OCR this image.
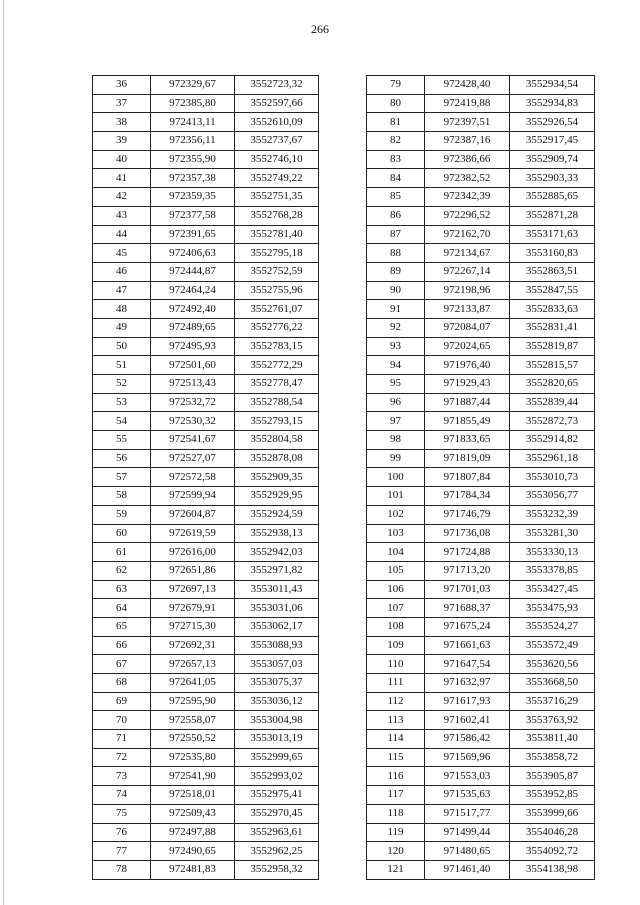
266
36	972329,67	3552723,32
37	972385,80	3552597,66
38	972413,11	3552610,09
39	972356,11	3552737,67
40	972355,90	3552746,10
41	972357,38	3552749,22
42	972359,35	3552751,35
43	972377,58	3552768,28
44	972391,65	3552781,40
45	972406,63	3552795,18
46	972444,87	3552752,59
47	972464,24	3552755,96
48	972492,40	3552761,07
49	972489,65	3552776,22
50	972495,93	3552783,15
51	972501,60	3552772,29
52	972513,43	3552778,47
53	972532,72	3552788,54
54	972530,32	3552793,15
55	972541,67	3552804,58
56	972527,07	3552878,08
57	972572,58	3552909,35
58	972599,94	3552929,95
59	972604,87	3552924,59
60	972619,59	3552938,13
61	972616,00	3552942,03
62	972651,86	3552971,82
63	972697,13	3553011,43
64	972679,91	3553031,06
65	972715,30	3553062,17
66	972692,31	3553088,93
67	972657,13	3553057,03
68	972641,05	3553075,37
69	972595,90	3553036,12
70	972558,07	3553004,98
71	972550,52	3553013,19
72	972535,80	3552999,65
73	972541,90	3552993,02
74	972518,01	3552975,41
75	972509,43	3552970,45
76	972497,88	3552963,61
77	972490,65	3552962,25
78	972481,83	3552958,32
79	972428,40	3552934,54
80	972419,88	3552934,83
81	972397,51	3552926,54
82	972387,16	3552917,45
83	972386,66	3552909,74
84	972382,52	3552903,33
85	972342,39	3552885,65
86	972296,52	3552871,28
87	972162,70	3553171,63
88	972134,67	3553160,83
89	972267,14	3552863,51
90	972198,96	3552847,55
91	972133,87	3552833,63
92	972084,07	3552831,41
93	972024,65	3552819,87
94	971976,40	3552815,57
95	971929,43	3552820,65
96	971887,44	3552839,44
97	971855,49	3552872,73
98	971833,65	3552914,82
99	971819,09	3552961,18
100	971807,84	3553010,73
101	971784,34	3553056,77
102	971746,79	3553232,39
103	971736,08	3553281,30
104	971724,88	3553330,13
105	971713,20	3553378,85
106	971701,03	3553427,45
107	971688,37	3553475,93
108	971675,24	3553524,27
109	971661,63	3553572,49
110	971647,54	3553620,56
111	971632,97	3553668,50
112	971617,93	3553716,29
113	971602,41	3553763,92
114	971586,42	3553811,40
115	971569,96	3553858,72
116	971553,03	3553905,87
117	971535,63	3553952,85
118	971517,77	3553999,66
119	971499,44	3554046,28
120	971480,65	3554092,72
121	971461,40	3554138,98
